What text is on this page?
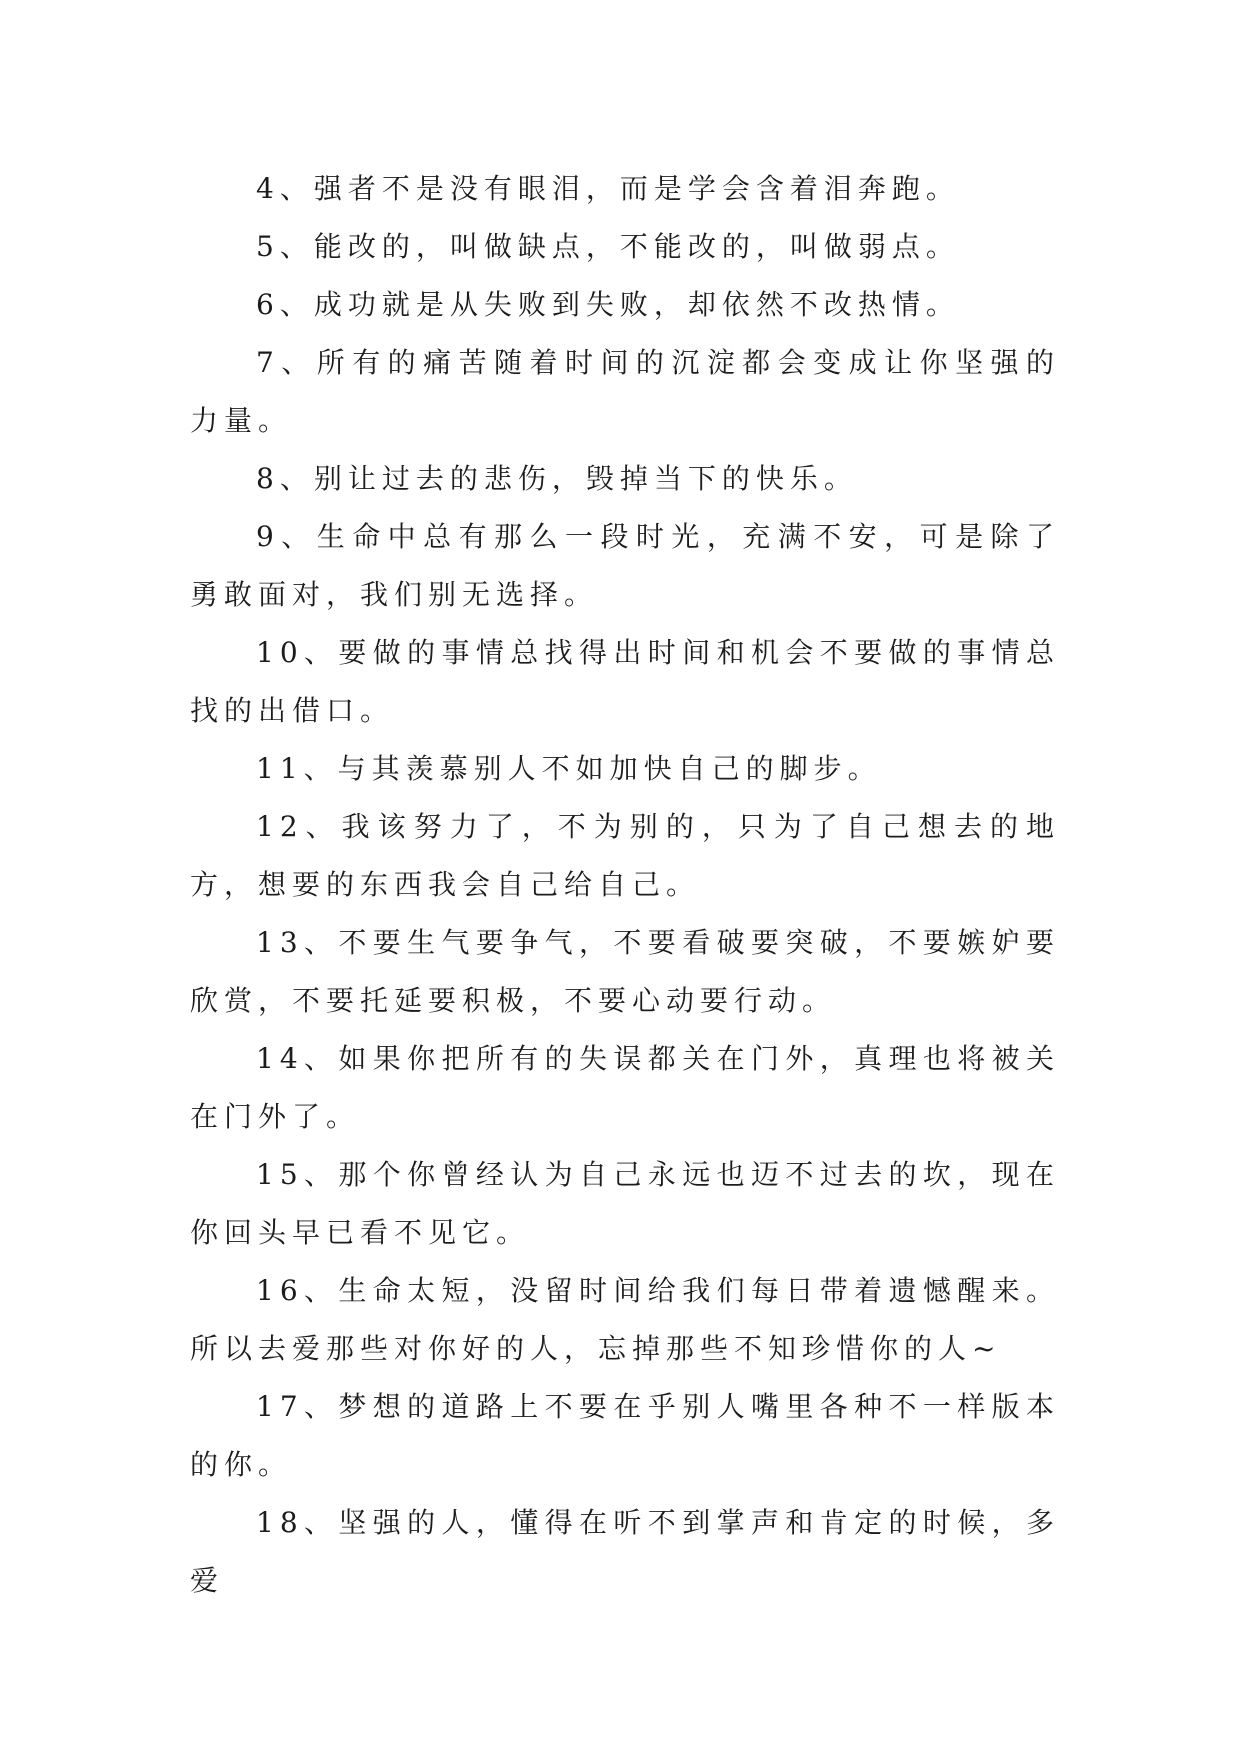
4、强者不是没有眼泪，而是学会含着泪奔跑。

5、能改的，叫做缺点，不能改的，叫做弱点。

6、成功就是从失败到失败，却依然不改热情。

7、所有的痛苦随着时间的沉淀都会变成让你坚强的力量。

8、别让过去的悲伤，毁掉当下的快乐。

9、生命中总有那么一段时光，充满不安，可是除了勇敢面对，我们别无选择。

10、要做的事情总找得出时间和机会不要做的事情总找的出借口。

11、与其羡慕别人不如加快自己的脚步。

12、我该努力了，不为别的，只为了自己想去的地方，想要的东西我会自己给自己。

13、不要生气要争气，不要看破要突破，不要嫉妒要欣赏，不要托延要积极，不要心动要行动。

14、如果你把所有的失误都关在门外，真理也将被关在门外了。

15、那个你曾经认为自己永远也迈不过去的坎，现在你回头早已看不见它。

16、生命太短，没留时间给我们每日带着遗憾醒来。所以去爱那些对你好的人，忘掉那些不知珍惜你的人~

17、梦想的道路上不要在乎别人嘴里各种不一样版本的你。

18、坚强的人，懂得在听不到掌声和肯定的时候，多爱
